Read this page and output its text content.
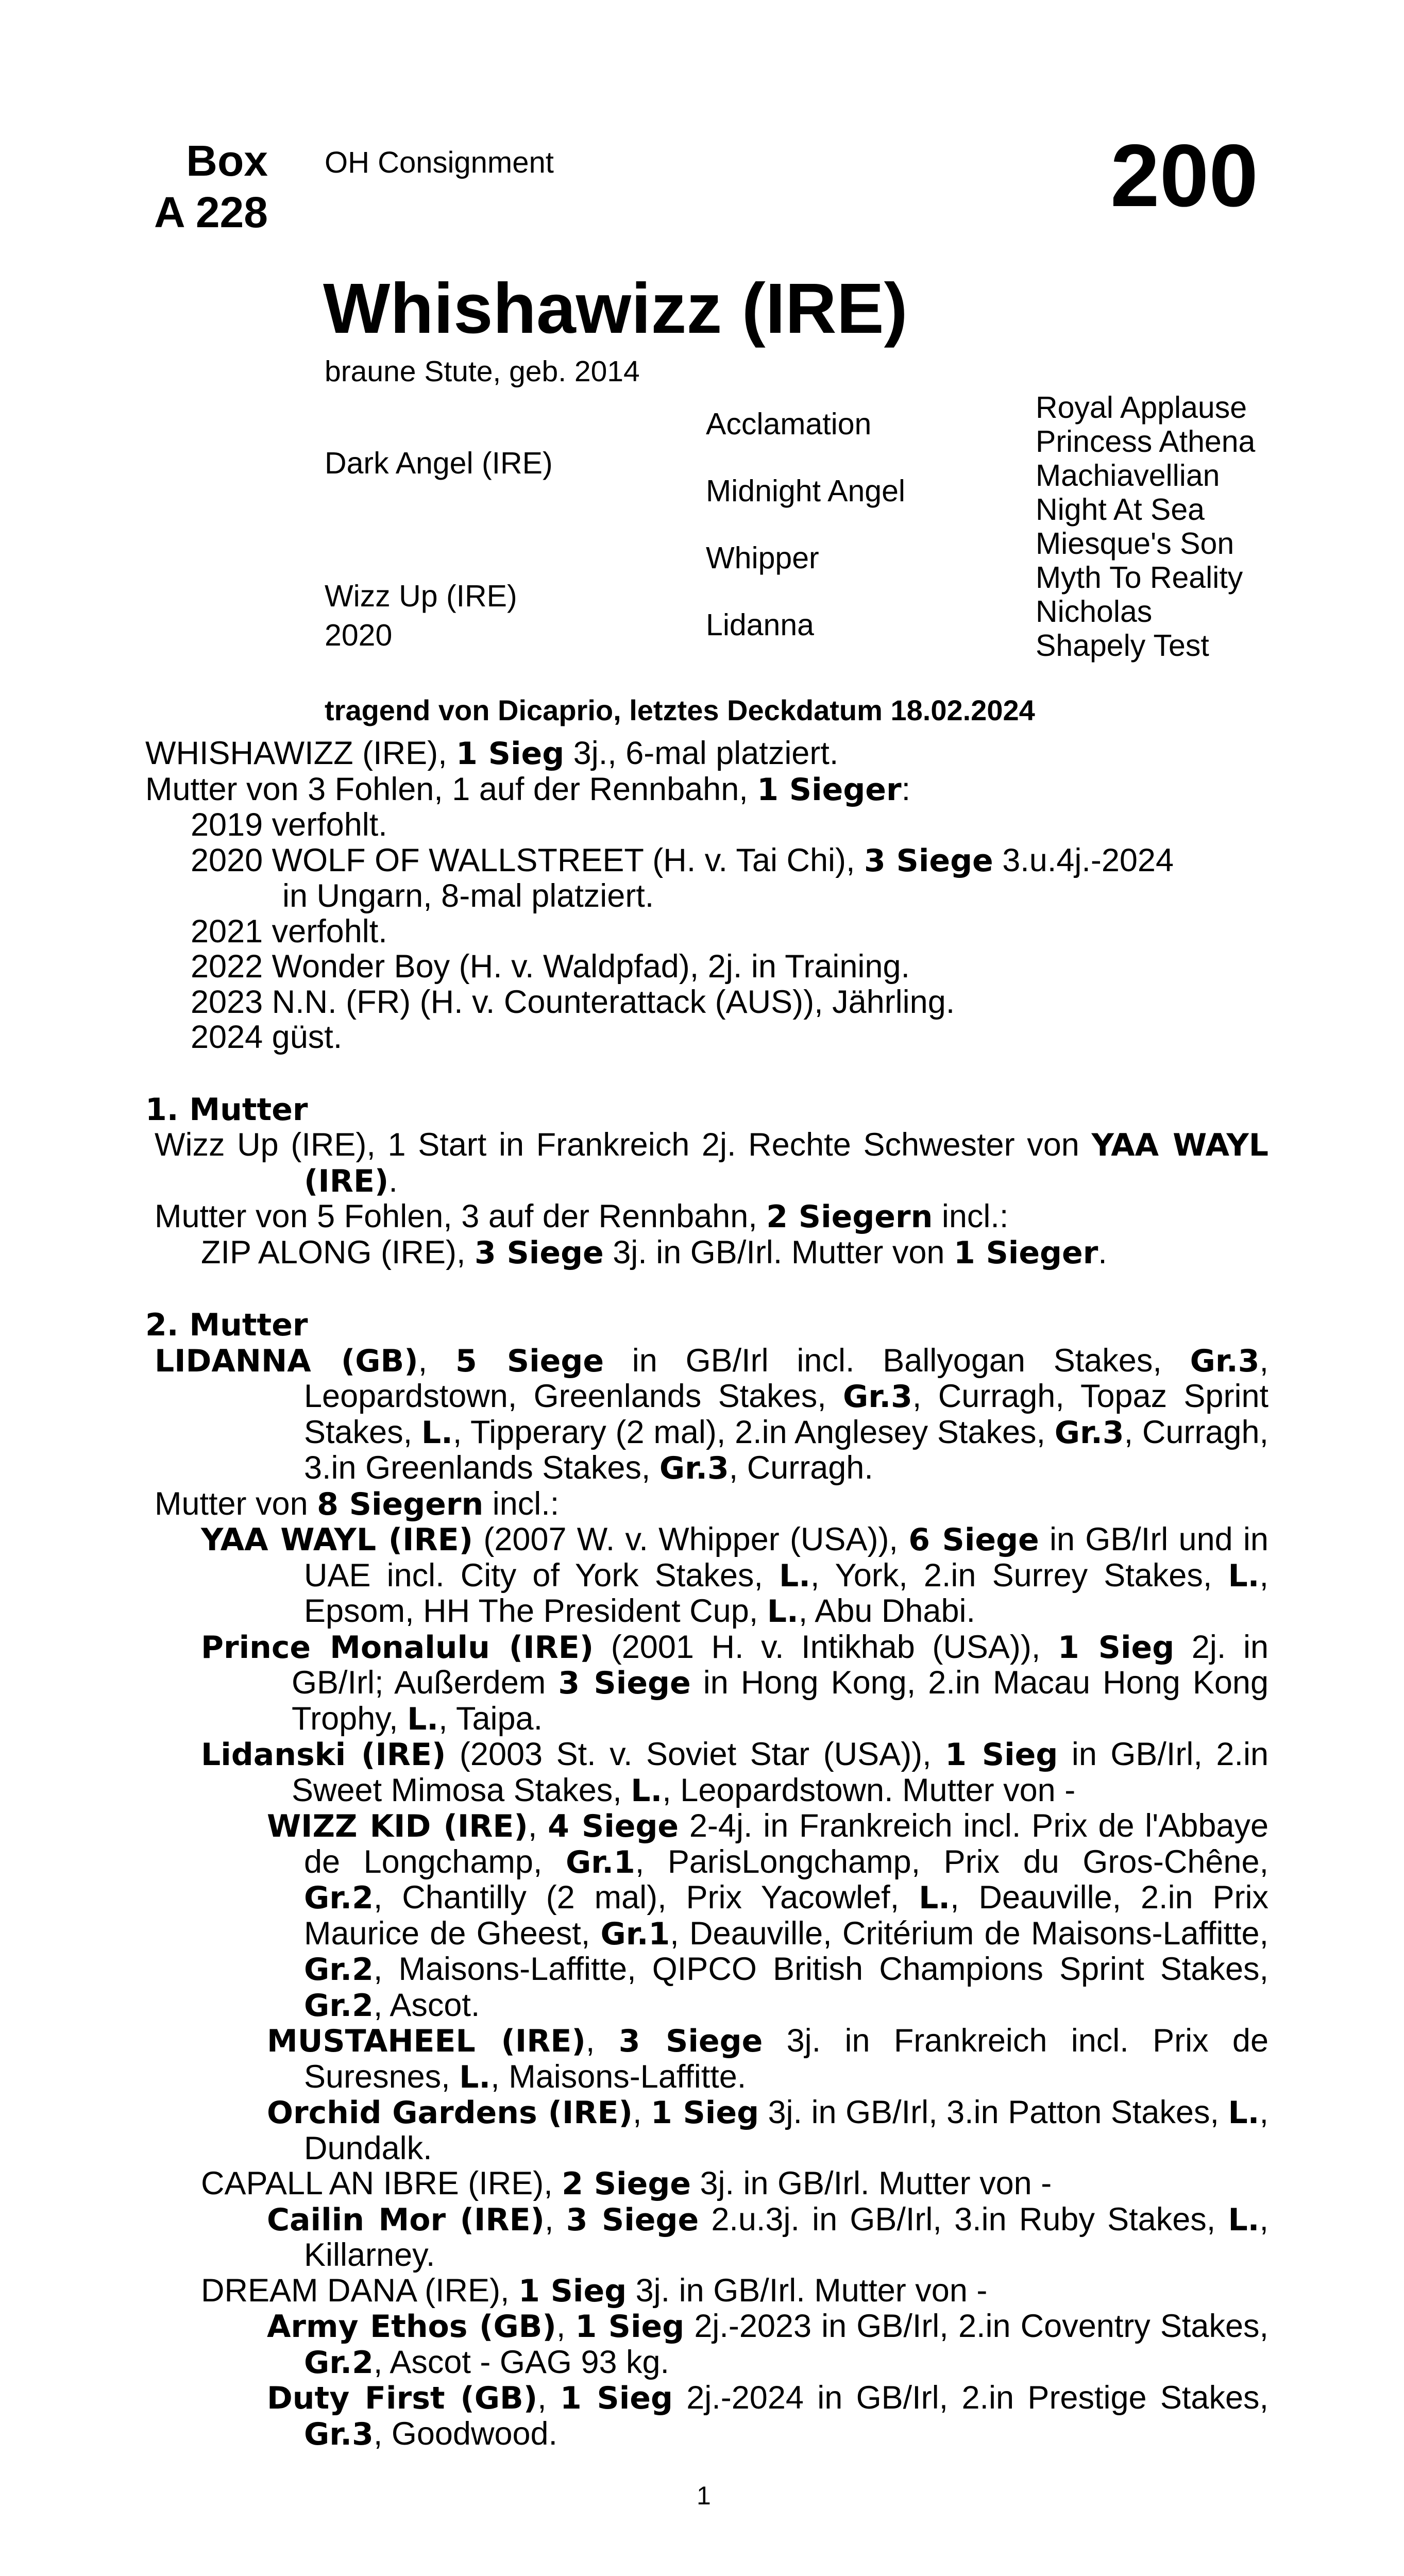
Box
A 228
OH Consignment	200
Whishawizz (IRE)
braune Stute, geb. 2014
Dark Angel (IRE)
Wizz Up (IRE)
2020
Acclamation
Midnight Angel
Whipper
Lidanna
Royal Applause
Princess Athena
Machiavellian
Night At Sea
Miesque's Son
Myth To Reality
Nicholas
Shapely Test
tragend von Dicaprio, letztes Deckdatum 18.02.2024

WHISHAWIZZ (IRE), 1 Sieg 3j., 6-mal platziert.

Mutter von 3 Fohlen, 1 auf der Rennbahn, 1 Sieger:

2019 verfohlt.

2020 WOLF OF WALLSTREET (H. v. Tai Chi), 3 Siege 3.u.4j.-2024

in Ungarn, 8-mal platziert.

2021 verfohlt.

2022 Wonder Boy (H. v. Waldpfad), 2j. in Training.

2023 N.N. (FR) (H. v. Counterattack (AUS)), Jährling.

2024 güst.

1. Mutter

Wizz Up (IRE), 1 Start in Frankreich 2j. Rechte Schwester von YAA WAYL (IRE).

Mutter von 5 Fohlen, 3 auf der Rennbahn, 2 Siegern incl.:

ZIP ALONG (IRE), 3 Siege 3j. in GB/Irl. Mutter von 1 Sieger.

2. Mutter

LIDANNA (GB), 5 Siege in GB/Irl incl. Ballyogan Stakes, Gr.3, Leopardstown, Greenlands Stakes, Gr.3, Curragh, Topaz Sprint Stakes, L., Tipperary (2 mal), 2.in Anglesey Stakes, Gr.3, Curragh, 3.in Greenlands Stakes, Gr.3, Curragh.

Mutter von 8 Siegern incl.:

YAA WAYL (IRE) (2007 W. v. Whipper (USA)), 6 Siege in GB/Irl und in UAE incl. City of York Stakes, L., York, 2.in Surrey Stakes, L., Epsom, HH The President Cup, L., Abu Dhabi.

Prince Monalulu (IRE) (2001 H. v. Intikhab (USA)), 1 Sieg 2j. in GB/Irl; Außerdem 3 Siege in Hong Kong, 2.in Macau Hong Kong Trophy, L., Taipa.

Lidanski (IRE) (2003 St. v. Soviet Star (USA)), 1 Sieg in GB/Irl, 2.in Sweet Mimosa Stakes, L., Leopardstown. Mutter von -

WIZZ KID (IRE), 4 Siege 2-4j. in Frankreich incl. Prix de l'Abbaye de Longchamp, Gr.1, ParisLongchamp, Prix du Gros-Chêne, Gr.2, Chantilly (2 mal), Prix Yacowlef, L., Deauville, 2.in Prix Maurice de Gheest, Gr.1, Deauville, Critérium de Maisons-Laffitte, Gr.2, Maisons-Laffitte, QIPCO British Champions Sprint Stakes, Gr.2, Ascot.

MUSTAHEEL (IRE), 3 Siege 3j. in Frankreich incl. Prix de Suresnes, L., Maisons-Laffitte.

Orchid Gardens (IRE), 1 Sieg 3j. in GB/Irl, 3.in Patton Stakes, L., Dundalk.

CAPALL AN IBRE (IRE), 2 Siege 3j. in GB/Irl. Mutter von -

Cailin Mor (IRE), 3 Siege 2.u.3j. in GB/Irl, 3.in Ruby Stakes, L., Killarney.

DREAM DANA (IRE), 1 Sieg 3j. in GB/Irl. Mutter von -

Army Ethos (GB), 1 Sieg 2j.-2023 in GB/Irl, 2.in Coventry Stakes, Gr.2, Ascot - GAG 93 kg.

Duty First (GB), 1 Sieg 2j.-2024 in GB/Irl, 2.in Prestige Stakes, Gr.3, Goodwood.

1
